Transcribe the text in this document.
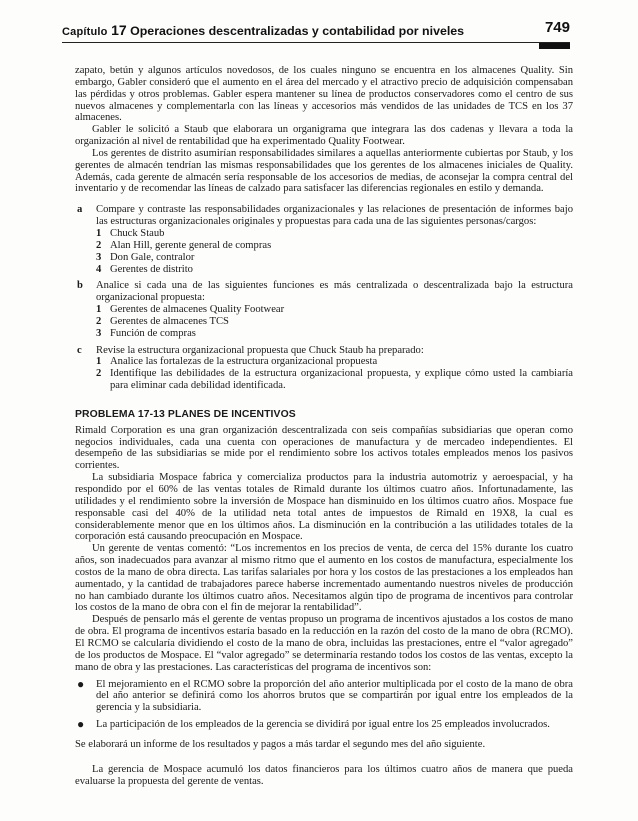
Capítulo 17 Operaciones descentralizadas y contabilidad por niveles	749

zapato, betún y algunos artículos novedosos, de los cuales ninguno se encuentra en los almacenes Quality. Sin embargo, Gabler consideró que el aumento en el área del mercado y el atractivo precio de adquisición compensaban las pérdidas y otros problemas. Gabler espera mantener su línea de productos conservadores como el centro de sus nuevos almacenes y complementarla con las líneas y accesorios más vendidos de las unidades de TCS en los 37 almacenes.

Gabler le solicitó a Staub que elaborara un organigrama que integrara las dos cadenas y llevara a toda la organización al nivel de rentabilidad que ha experimentado Quality Footwear.

Los gerentes de distrito asumirían responsabilidades similares a aquellas anteriormente cubiertas por Staub, y los gerentes de almacén tendrían las mismas responsabilidades que los gerentes de los almacenes iniciales de Quality. Además, cada gerente de almacén sería responsable de los accesorios de medias, de aconsejar la compra central del inventario y de recomendar las líneas de calzado para satisfacer las diferencias regionales en estilo y demanda.

a	Compare y contraste las responsabilidades organizacionales y las relaciones de presentación de informes bajo las estructuras organizacionales originales y propuestas para cada una de las siguientes personas/cargos:
1 Chuck Staub
2 Alan Hill, gerente general de compras
3 Don Gale, contralor
4 Gerentes de distrito
b	Analice si cada una de las siguientes funciones es más centralizada o descentralizada bajo la estructura organizacional propuesta:
1 Gerentes de almacenes Quality Footwear
2 Gerentes de almacenes TCS
3 Función de compras
c	Revise la estructura organizacional propuesta que Chuck Staub ha preparado:
1 Analice las fortalezas de la estructura organizacional propuesta
2 Identifique las debilidades de la estructura organizacional propuesta, y explique cómo usted la cambiaría para eliminar cada debilidad identificada.
PROBLEMA 17-13 PLANES DE INCENTIVOS

Rimald Corporation es una gran organización descentralizada con seis compañías subsidiarias que operan como negocios individuales, cada una cuenta con operaciones de manufactura y de mercadeo independientes. El desempeño de las subsidiarias se mide por el rendimiento sobre los activos totales empleados menos los pasivos corrientes.

La subsidiaria Mospace fabrica y comercializa productos para la industria automotriz y aeroespacial, y ha respondido por el 60% de las ventas totales de Rimald durante los últimos cuatro años. Infortunadamente, las utilidades y el rendimiento sobre la inversión de Mospace han disminuido en los últimos cuatro años. Mospace fue responsable casi del 40% de la utilidad neta total antes de impuestos de Rimald en 19X8, la cual es considerablemente menor que en los últimos años. La disminución en la contribución a las utilidades totales de la corporación está causando preocupación en Mospace.

Un gerente de ventas comentó: “Los incrementos en los precios de venta, de cerca del 15% durante los cuatro años, son inadecuados para avanzar al mismo ritmo que el aumento en los costos de manufactura, especialmente los costos de la mano de obra directa. Las tarifas salariales por hora y los costos de las prestaciones a los empleados han aumentado, y la cantidad de trabajadores parece haberse incrementado aumentando nuestros niveles de producción no han cambiado durante los últimos cuatro años. Necesitamos algún tipo de programa de incentivos para controlar los costos de la mano de obra con el fin de mejorar la rentabilidad”.

Después de pensarlo más el gerente de ventas propuso un programa de incentivos ajustados a los costos de mano de obra. El programa de incentivos estaría basado en la reducción en la razón del costo de la mano de obra (RCMO). El RCMO se calcularía dividiendo el costo de la mano de obra, incluidas las prestaciones, entre el “valor agregado” de los productos de Mospace. El “valor agregado” se determinaría restando todos los costos de las ventas, excepto la mano de obra y las prestaciones. Las características del programa de incentivos son:

●	El mejoramiento en el RCMO sobre la proporción del año anterior multiplicada por el costo de la mano de obra del año anterior se definirá como los ahorros brutos que se compartirán por igual entre los empleados de la gerencia y la subsidiaria.
●	La participación de los empleados de la gerencia se dividirá por igual entre los 25 empleados involucrados.

Se elaborará un informe de los resultados y pagos a más tardar el segundo mes del año siguiente.

La gerencia de Mospace acumuló los datos financieros para los últimos cuatro años de manera que pueda evaluarse la propuesta del gerente de ventas.
